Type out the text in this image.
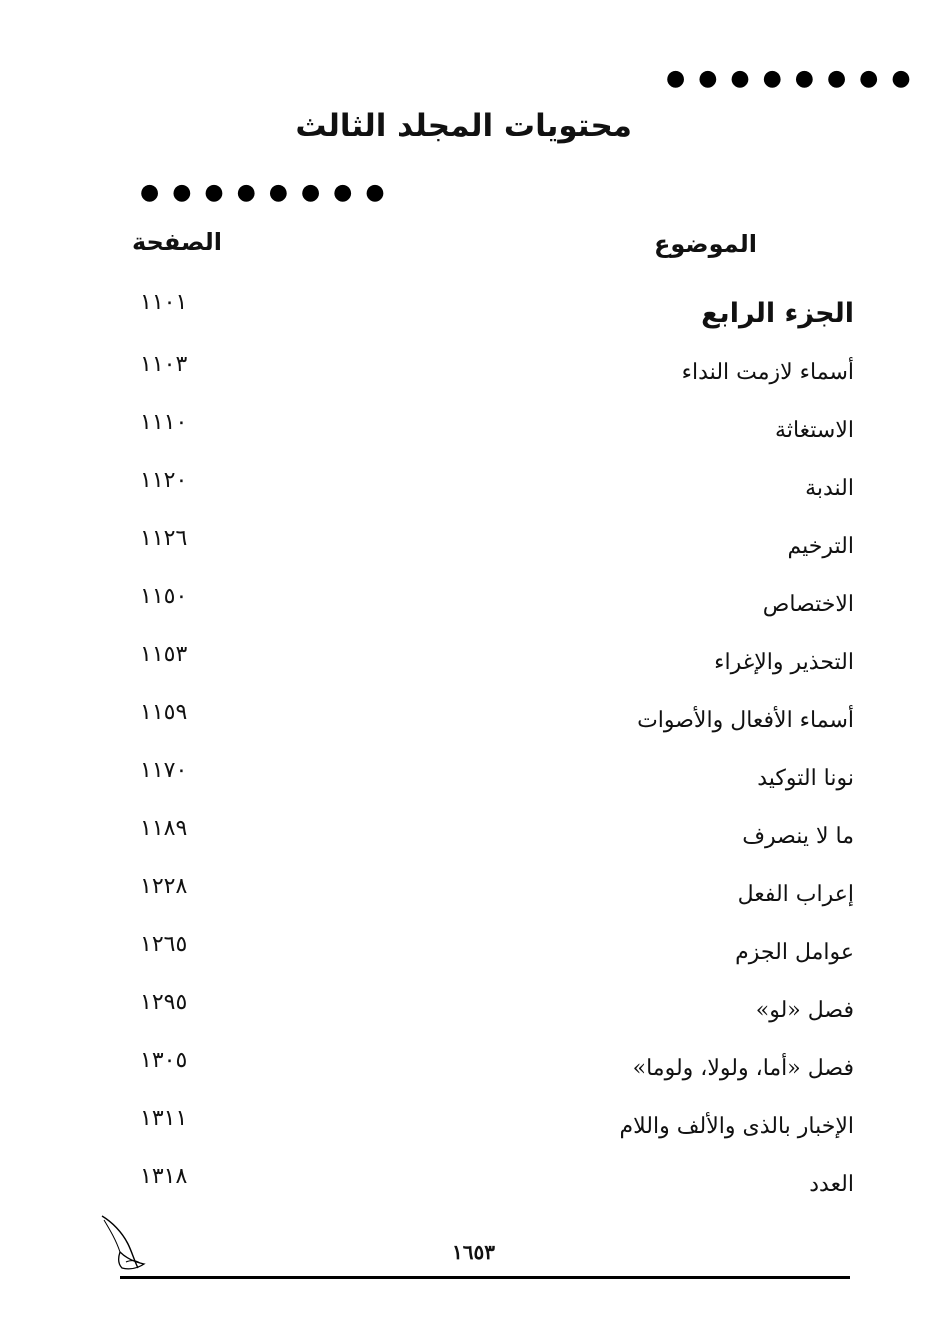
● ● ● ● ● ● ● ●
محتويات المجلد الثالث
● ● ● ● ● ● ● ●
الموضوع
الصفحة
الجزء الرابع
١١٠١
أسماء لازمت النداء
١١٠٣
الاستغاثة
١١١٠
الندبة
١١٢٠
الترخيم
١١٢٦
الاختصاص
١١٥٠
التحذير والإغراء
١١٥٣
أسماء الأفعال والأصوات
١١٥٩
نونا التوكيد
١١٧٠
ما لا ينصرف
١١٨٩
إعراب الفعل
١٢٢٨
عوامل الجزم
١٢٦٥
فصل «لو»
١٢٩٥
فصل «أما، ولولا، ولوما»
١٣٠٥
الإخبار بالذى والألف واللام
١٣١١
العدد
١٣١٨
١٦٥٣
